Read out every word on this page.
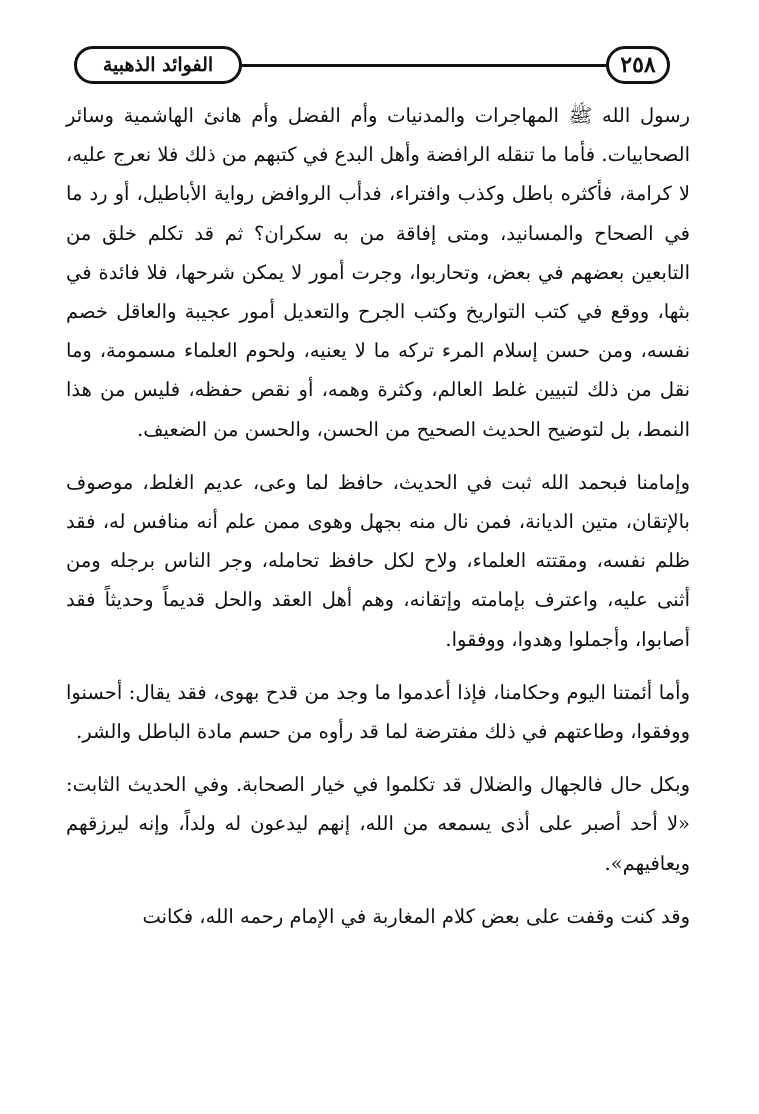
الفوائد الذهبية	٢٥٨

رسول الله ﷺ المهاجرات والمدنيات وأم الفضل وأم هانئ الهاشمية وسائر الصحابيات. فأما ما تنقله الرافضة وأهل البدع في كتبهم من ذلك فلا نعرج عليه، لا كرامة، فأكثره باطل وكذب وافتراء، فدأب الروافض رواية الأباطيل، أو رد ما في الصحاح والمسانيد، ومتى إفاقة من به سكران؟ ثم قد تكلم خلق من التابعين بعضهم في بعض، وتحاربوا، وجرت أمور لا يمكن شرحها، فلا فائدة في بثها، ووقع في كتب التواريخ وكتب الجرح والتعديل أمور عجيبة والعاقل خصم نفسه، ومن حسن إسلام المرء تركه ما لا يعنيه، ولحوم العلماء مسمومة، وما نقل من ذلك لتبيين غلط العالم، وكثرة وهمه، أو نقص حفظه، فليس من هذا النمط، بل لتوضيح الحديث الصحيح من الحسن، والحسن من الضعيف.

وإمامنا فبحمد الله ثبت في الحديث، حافظ لما وعى، عديم الغلط، موصوف بالإتقان، متين الديانة، فمن نال منه بجهل وهوى ممن علم أنه منافس له، فقد ظلم نفسه، ومقتته العلماء، ولاح لكل حافظ تحامله، وجر الناس برجله ومن أثنى عليه، واعترف بإمامته وإتقانه، وهم أهل العقد والحل قديماً وحديثاً فقد أصابوا، وأجملوا وهدوا، ووفقوا.

وأما أئمتنا اليوم وحكامنا، فإذا أعدموا ما وجد من قدح بهوى، فقد يقال: أحسنوا ووفقوا، وطاعتهم في ذلك مفترضة لما قد رأوه من حسم مادة الباطل والشر.

وبكل حال فالجهال والضلال قد تكلموا في خيار الصحابة. وفي الحديث الثابت: «لا أحد أصبر على أذى يسمعه من الله، إنهم ليدعون له ولداً، وإنه ليرزقهم ويعافيهم».

وقد كنت وقفت على بعض كلام المغاربة في الإمام رحمه الله، فكانت
